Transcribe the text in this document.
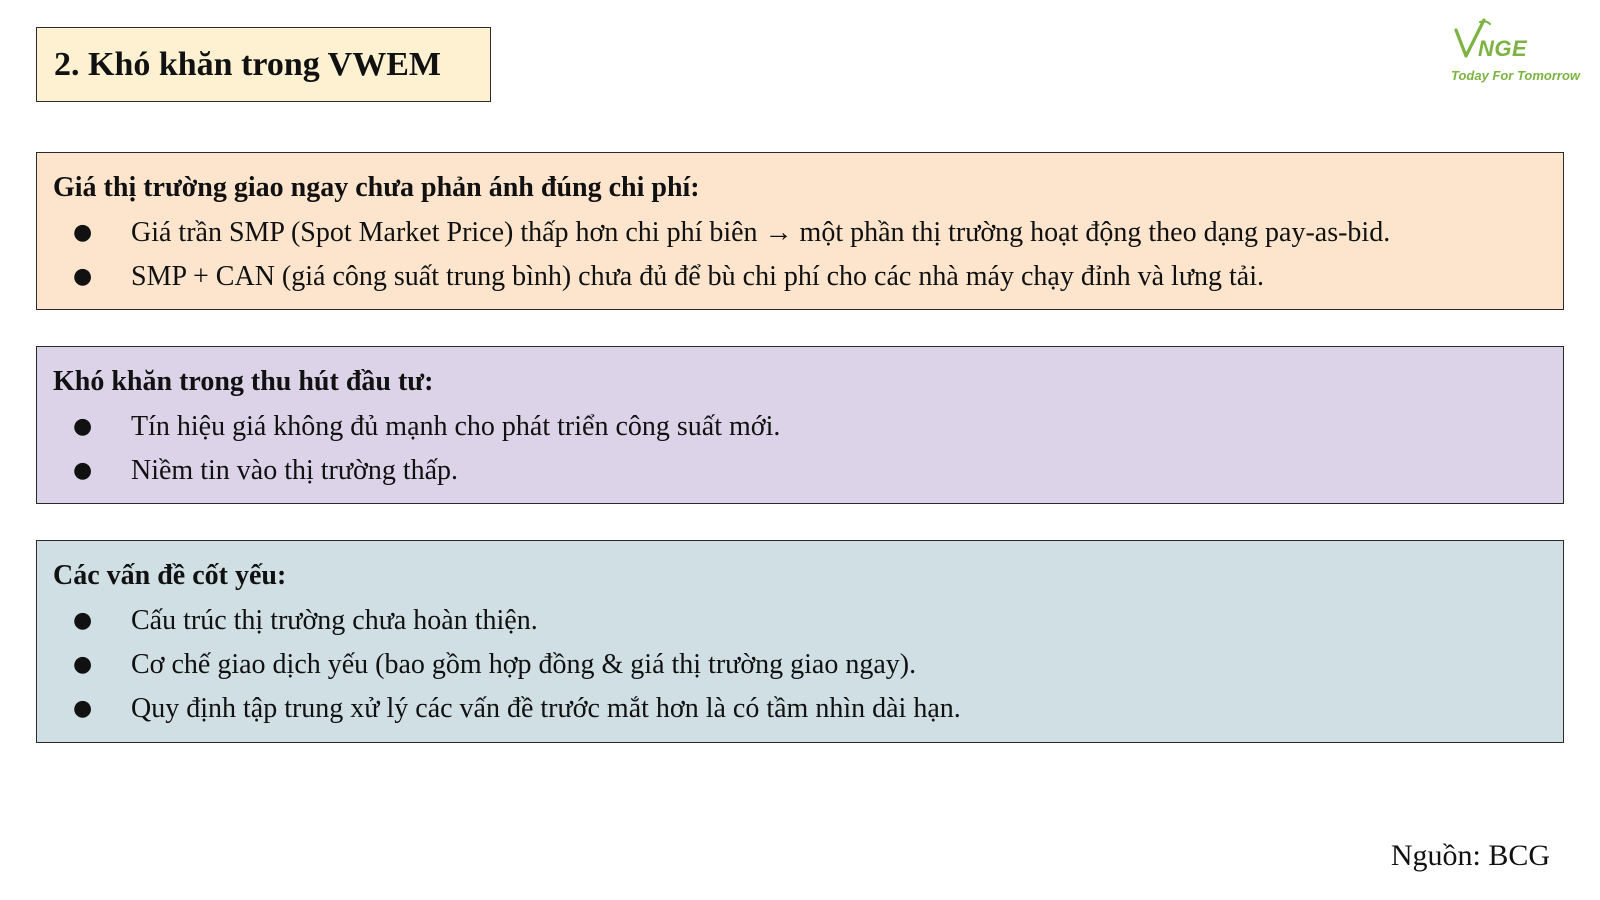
2. Khó khăn trong VWEM	NGE
Today For Tomorrow
Giá thị trường giao ngay chưa phản ánh đúng chi phí:
● Giá trần SMP (Spot Market Price) thấp hơn chi phí biên → một phần thị trường hoạt động theo dạng pay-as-bid.
● SMP + CAN (giá công suất trung bình) chưa đủ để bù chi phí cho các nhà máy chạy đỉnh và lưng tải.
Khó khăn trong thu hút đầu tư:
● Tín hiệu giá không đủ mạnh cho phát triển công suất mới.
● Niềm tin vào thị trường thấp.
Các vấn đề cốt yếu:
● Cấu trúc thị trường chưa hoàn thiện.
● Cơ chế giao dịch yếu (bao gồm hợp đồng & giá thị trường giao ngay).
● Quy định tập trung xử lý các vấn đề trước mắt hơn là có tầm nhìn dài hạn.
Nguồn: BCG
